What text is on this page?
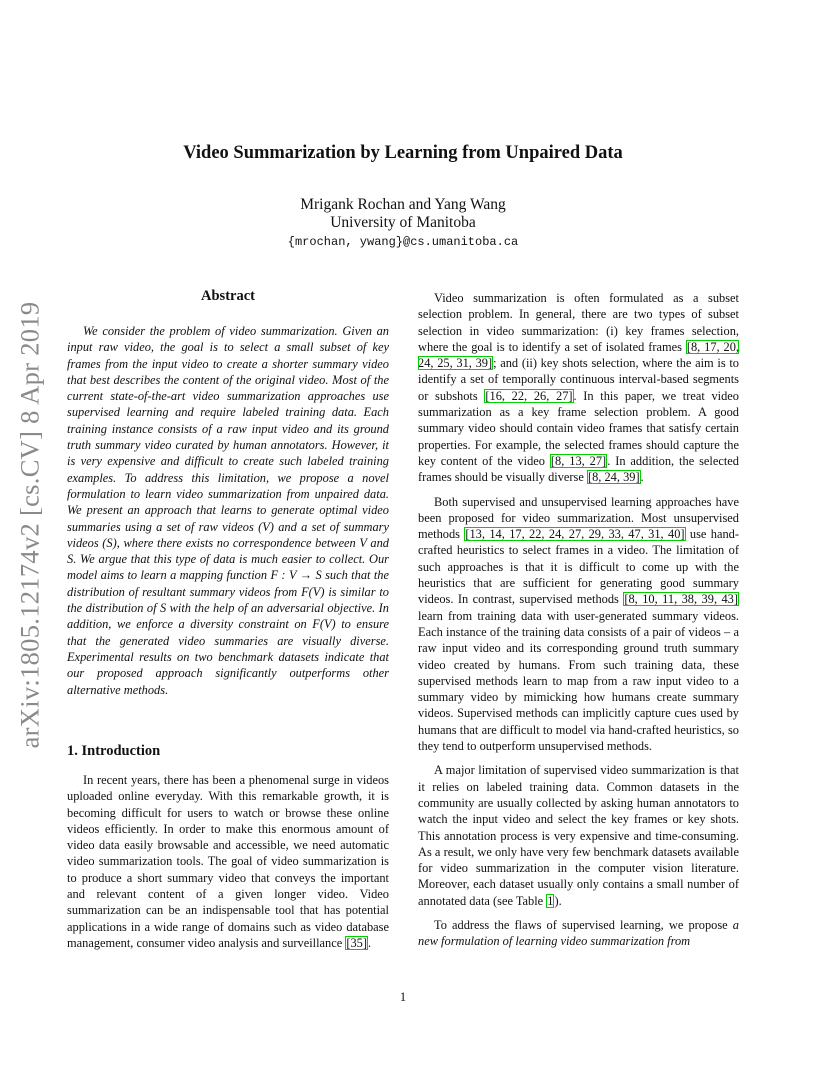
arXiv:1805.12174v2 [cs.CV] 8 Apr 2019
Video Summarization by Learning from Unpaired Data
Mrigank Rochan and Yang Wang
University of Manitoba
{mrochan, ywang}@cs.umanitoba.ca
Abstract

We consider the problem of video summarization. Given an input raw video, the goal is to select a small subset of key frames from the input video to create a shorter summary video that best describes the content of the original video. Most of the current state-of-the-art video summarization approaches use supervised learning and require labeled training data. Each training instance consists of a raw input video and its ground truth summary video curated by human annotators. However, it is very expensive and difficult to create such labeled training examples. To address this limitation, we propose a novel formulation to learn video summarization from unpaired data. We present an approach that learns to generate optimal video summaries using a set of raw videos (V) and a set of summary videos (S), where there exists no correspondence between V and S. We argue that this type of data is much easier to collect. Our model aims to learn a mapping function F : V → S such that the distribution of resultant summary videos from F(V) is similar to the distribution of S with the help of an adversarial objective. In addition, we enforce a diversity constraint on F(V) to ensure that the generated video summaries are visually diverse. Experimental results on two benchmark datasets indicate that our proposed approach significantly outperforms other alternative methods.

1. Introduction

In recent years, there has been a phenomenal surge in videos uploaded online everyday. With this remarkable growth, it is becoming difficult for users to watch or browse these online videos efficiently. In order to make this enormous amount of video data easily browsable and accessible, we need automatic video summarization tools. The goal of video summarization is to produce a short summary video that conveys the important and relevant content of a given longer video. Video summarization can be an indispensable tool that has potential applications in a wide range of domains such as video database management, consumer video analysis and surveillance [35].

Video summarization is often formulated as a subset selection problem. In general, there are two types of subset selection in video summarization: (i) key frames selection, where the goal is to identify a set of isolated frames [8, 17, 20, 24, 25, 31, 39]; and (ii) key shots selection, where the aim is to identify a set of temporally continuous interval-based segments or subshots [16, 22, 26, 27]. In this paper, we treat video summarization as a key frame selection problem. A good summary video should contain video frames that satisfy certain properties. For example, the selected frames should capture the key content of the video [8, 13, 27]. In addition, the selected frames should be visually diverse [8, 24, 39].

Both supervised and unsupervised learning approaches have been proposed for video summarization. Most unsupervised methods [13, 14, 17, 22, 24, 27, 29, 33, 47, 31, 40] use hand-crafted heuristics to select frames in a video. The limitation of such approaches is that it is difficult to come up with the heuristics that are sufficient for generating good summary videos. In contrast, supervised methods [8, 10, 11, 38, 39, 43] learn from training data with user-generated summary videos. Each instance of the training data consists of a pair of videos – a raw input video and its corresponding ground truth summary video created by humans. From such training data, these supervised methods learn to map from a raw input video to a summary video by mimicking how humans create summary videos. Supervised methods can implicitly capture cues used by humans that are difficult to model via hand-crafted heuristics, so they tend to outperform unsupervised methods.

A major limitation of supervised video summarization is that it relies on labeled training data. Common datasets in the community are usually collected by asking human annotators to watch the input video and select the key frames or key shots. This annotation process is very expensive and time-consuming. As a result, we only have very few benchmark datasets available for video summarization in the computer vision literature. Moreover, each dataset usually only contains a small number of annotated data (see Table 1).

To address the flaws of supervised learning, we propose a new formulation of learning video summarization from

1
